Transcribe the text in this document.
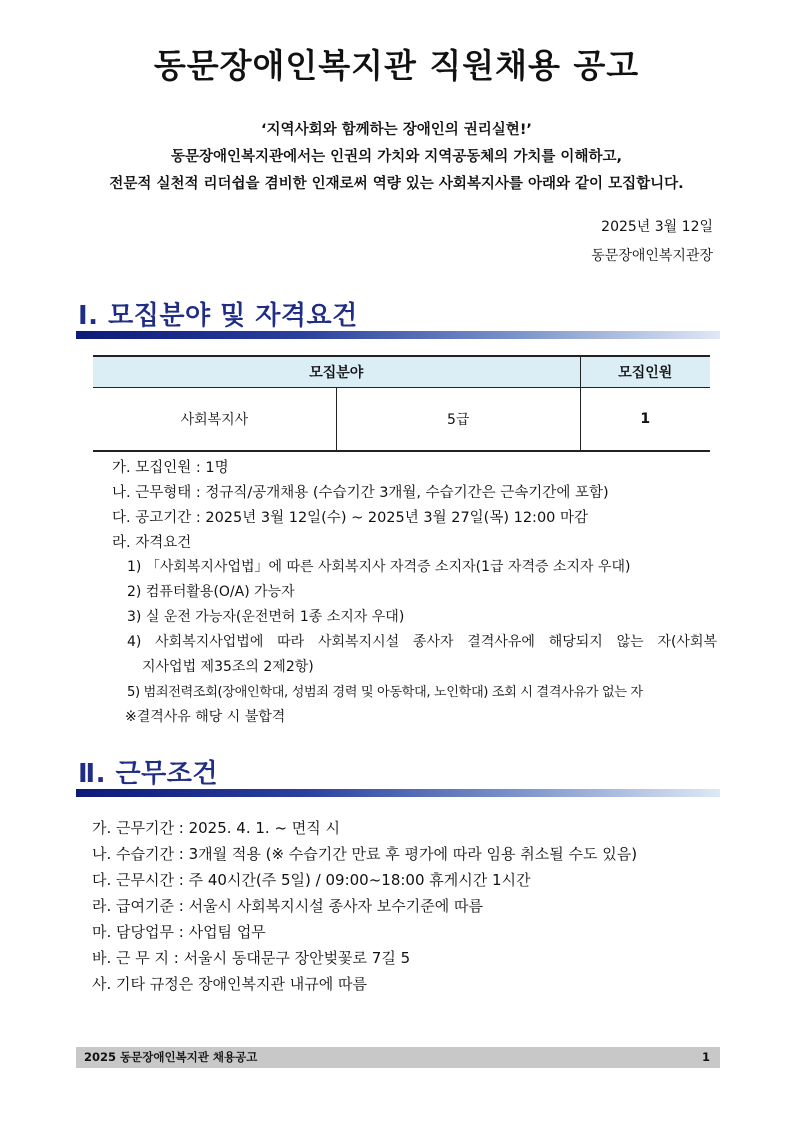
동문장애인복지관 직원채용 공고
‘지역사회와 함께하는 장애인의 권리실현!’
동문장애인복지관에서는 인권의 가치와 지역공동체의 가치를 이해하고,
전문적 실천적 리더쉽을 겸비한 인재로써 역량 있는 사회복지사를 아래와 같이 모집합니다.
2025년 3월 12일
동문장애인복지관장
Ⅰ. 모집분야 및 자격요건
모집분야		모집인원
사회복지사	5급	1
가. 모집인원 : 1명
나. 근무형태 : 정규직/공개채용 (수습기간 3개월, 수습기간은 근속기간에 포함)
다. 공고기간 : 2025년 3월 12일(수) ~ 2025년 3월 27일(목) 12:00 마감
라. 자격요건
1) 「사회복지사업법」에 따른 사회복지사 자격증 소지자(1급 자격증 소지자 우대)
2) 컴퓨터활용(O/A) 가능자
3) 실 운전 가능자(운전면허 1종 소지자 우대)
4) 사회복지사업법에 따라 사회복지시설 종사자 결격사유에 해당되지 않는 자(사회복
지사업법 제35조의 2제2항)
5) 범죄전력조회(장애인학대, 성범죄 경력 및 아동학대, 노인학대) 조회 시 결격사유가 없는 자
※결격사유 해당 시 불합격
Ⅱ. 근무조건
가. 근무기간 : 2025. 4. 1. ~ 면직 시
나. 수습기간 : 3개월 적용 (※ 수습기간 만료 후 평가에 따라 임용 취소될 수도 있음)
다. 근무시간 : 주 40시간(주 5일) / 09:00~18:00 휴게시간 1시간
라. 급여기준 : 서울시 사회복지시설 종사자 보수기준에 따름
마. 담당업무 : 사업팀 업무
바. 근 무 지 : 서울시 동대문구 장안벚꽃로 7길 5
사. 기타 규정은 장애인복지관 내규에 따름
2025 동문장애인복지관 채용공고	1
